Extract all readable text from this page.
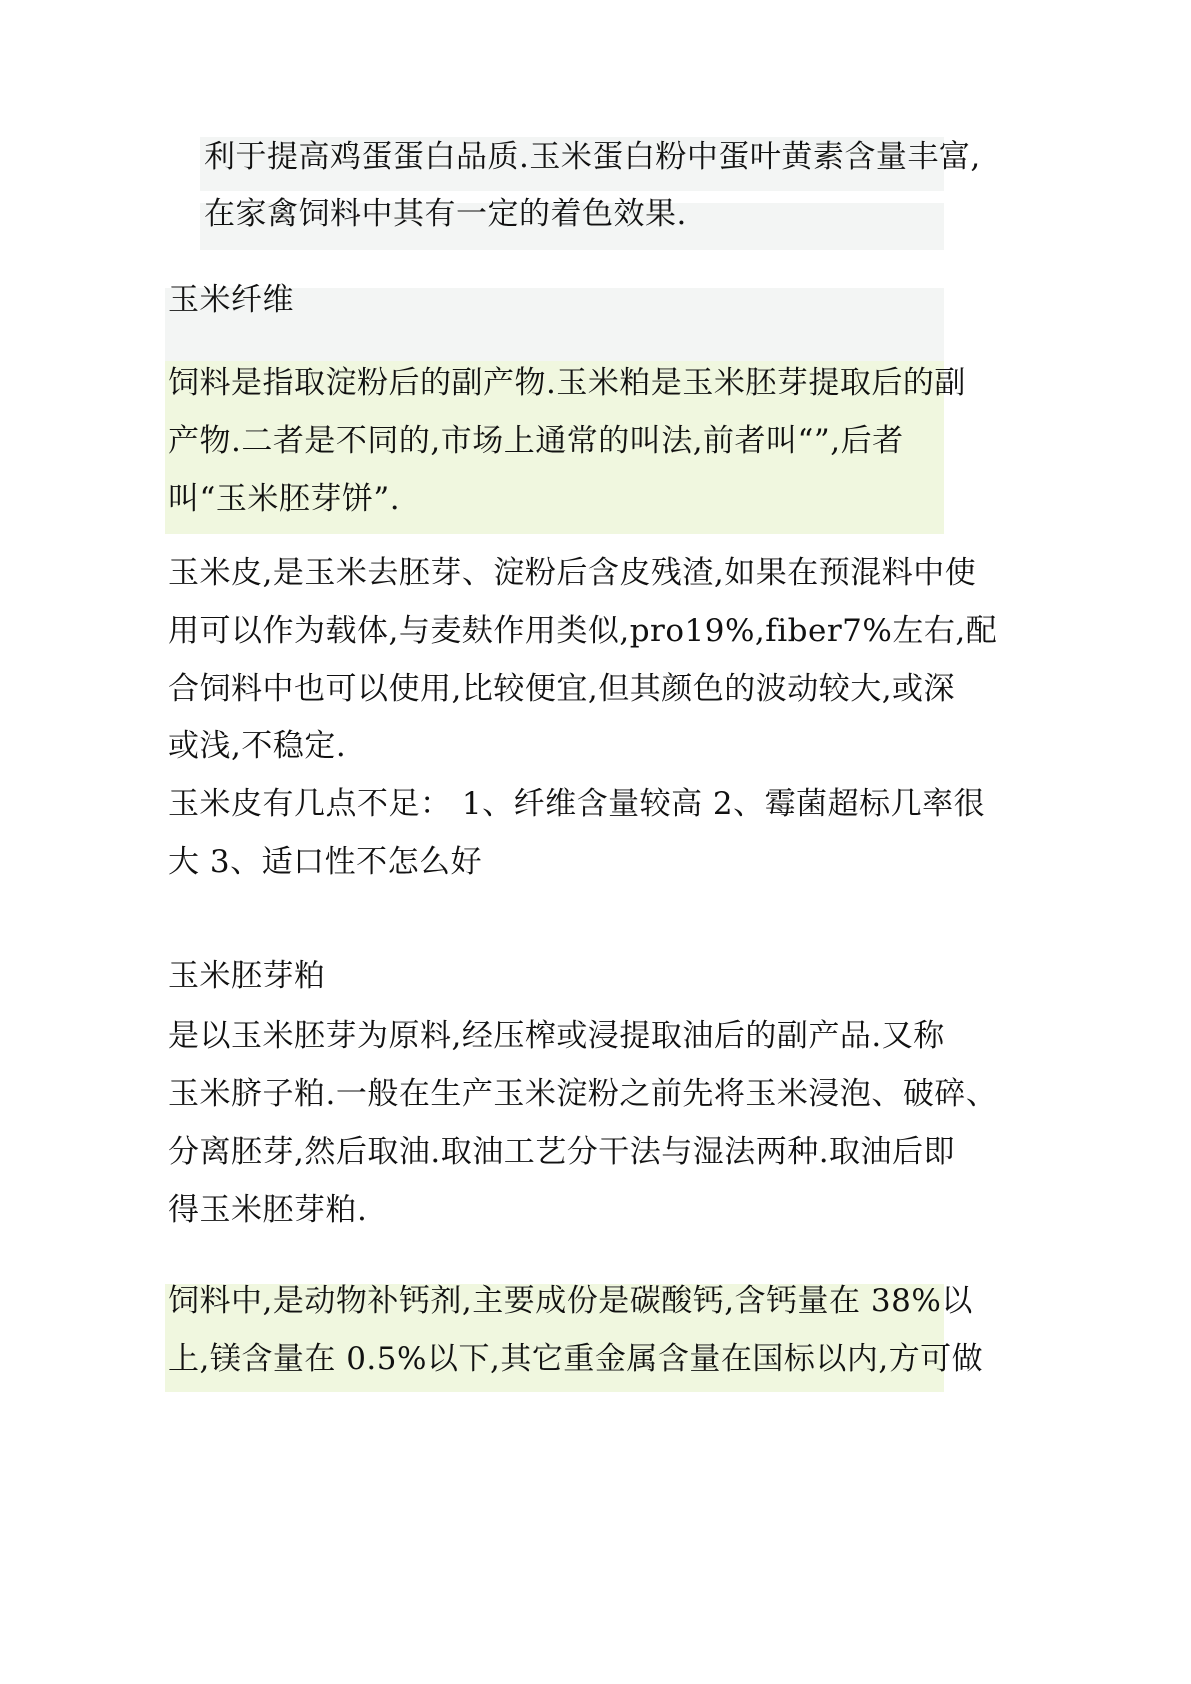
利于提高鸡蛋蛋白品质.玉米蛋白粉中蛋叶黄素含量丰富,
在家禽饲料中其有一定的着色效果.
玉米纤维
饲料是指取淀粉后的副产物.玉米粕是玉米胚芽提取后的副
产物.二者是不同的,市场上通常的叫法,前者叫“”,后者
叫“玉米胚芽饼”.
玉米皮,是玉米去胚芽、淀粉后含皮残渣,如果在预混料中使
用可以作为载体,与麦麸作用类似,pro19%,fiber7%左右,配
合饲料中也可以使用,比较便宜,但其颜色的波动较大,或深
或浅,不稳定.
玉米皮有几点不足： 1、纤维含量较高 2、霉菌超标几率很
大 3、适口性不怎么好
玉米胚芽粕
是以玉米胚芽为原料,经压榨或浸提取油后的副产品.又称
玉米脐子粕.一般在生产玉米淀粉之前先将玉米浸泡、破碎、
分离胚芽,然后取油.取油工艺分干法与湿法两种.取油后即
得玉米胚芽粕.
饲料中,是动物补钙剂,主要成份是碳酸钙,含钙量在 38%以
上,镁含量在 0.5%以下,其它重金属含量在国标以内,方可做
